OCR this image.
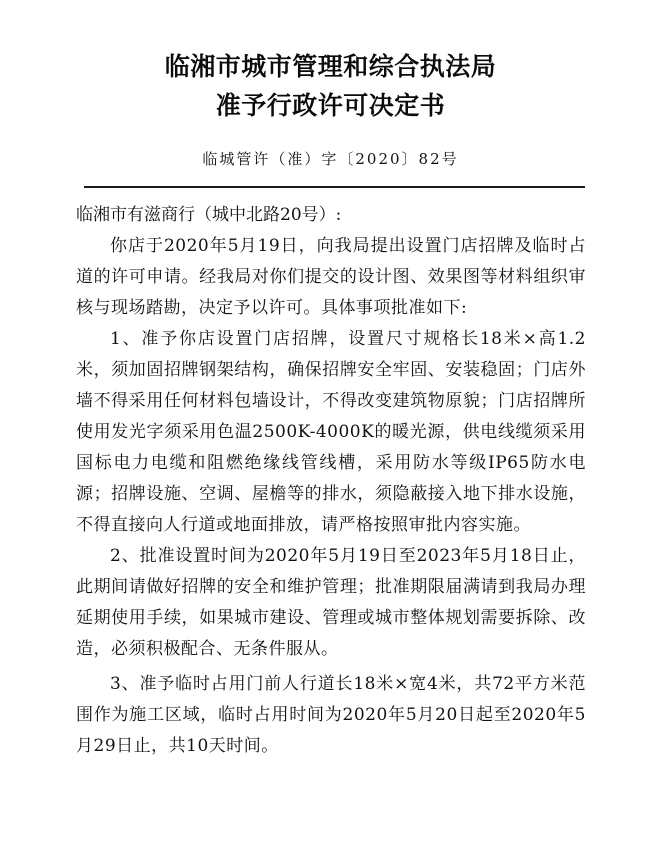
临湘市城市管理和综合执法局
准予行政许可决定书
临城管许（准）字〔2020〕82号

临湘市有滋商行（城中北路20号）:

你店于2020年5月19日，向我局提出设置门店招牌及临时占道的许可申请。经我局对你们提交的设计图、效果图等材料组织审核与现场踏勘，决定予以许可。具体事项批准如下:

1、准予你店设置门店招牌，设置尺寸规格长18米×高1.2米，须加固招牌钢架结构，确保招牌安全牢固、安装稳固；门店外墙不得采用任何材料包墙设计，不得改变建筑物原貌；门店招牌所使用发光字须采用色温2500K-4000K的暖光源，供电线缆须采用国标电力电缆和阻燃绝缘线管线槽，采用防水等级IP65防水电源；招牌设施、空调、屋檐等的排水，须隐蔽接入地下排水设施，不得直接向人行道或地面排放，请严格按照审批内容实施。

2、批准设置时间为2020年5月19日至2023年5月18日止，此期间请做好招牌的安全和维护管理；批准期限届满请到我局办理延期使用手续，如果城市建设、管理或城市整体规划需要拆除、改造，必须积极配合、无条件服从。

3、准予临时占用门前人行道长18米×宽4米，共72平方米范围作为施工区域，临时占用时间为2020年5月20日起至2020年5月29日止，共10天时间。
